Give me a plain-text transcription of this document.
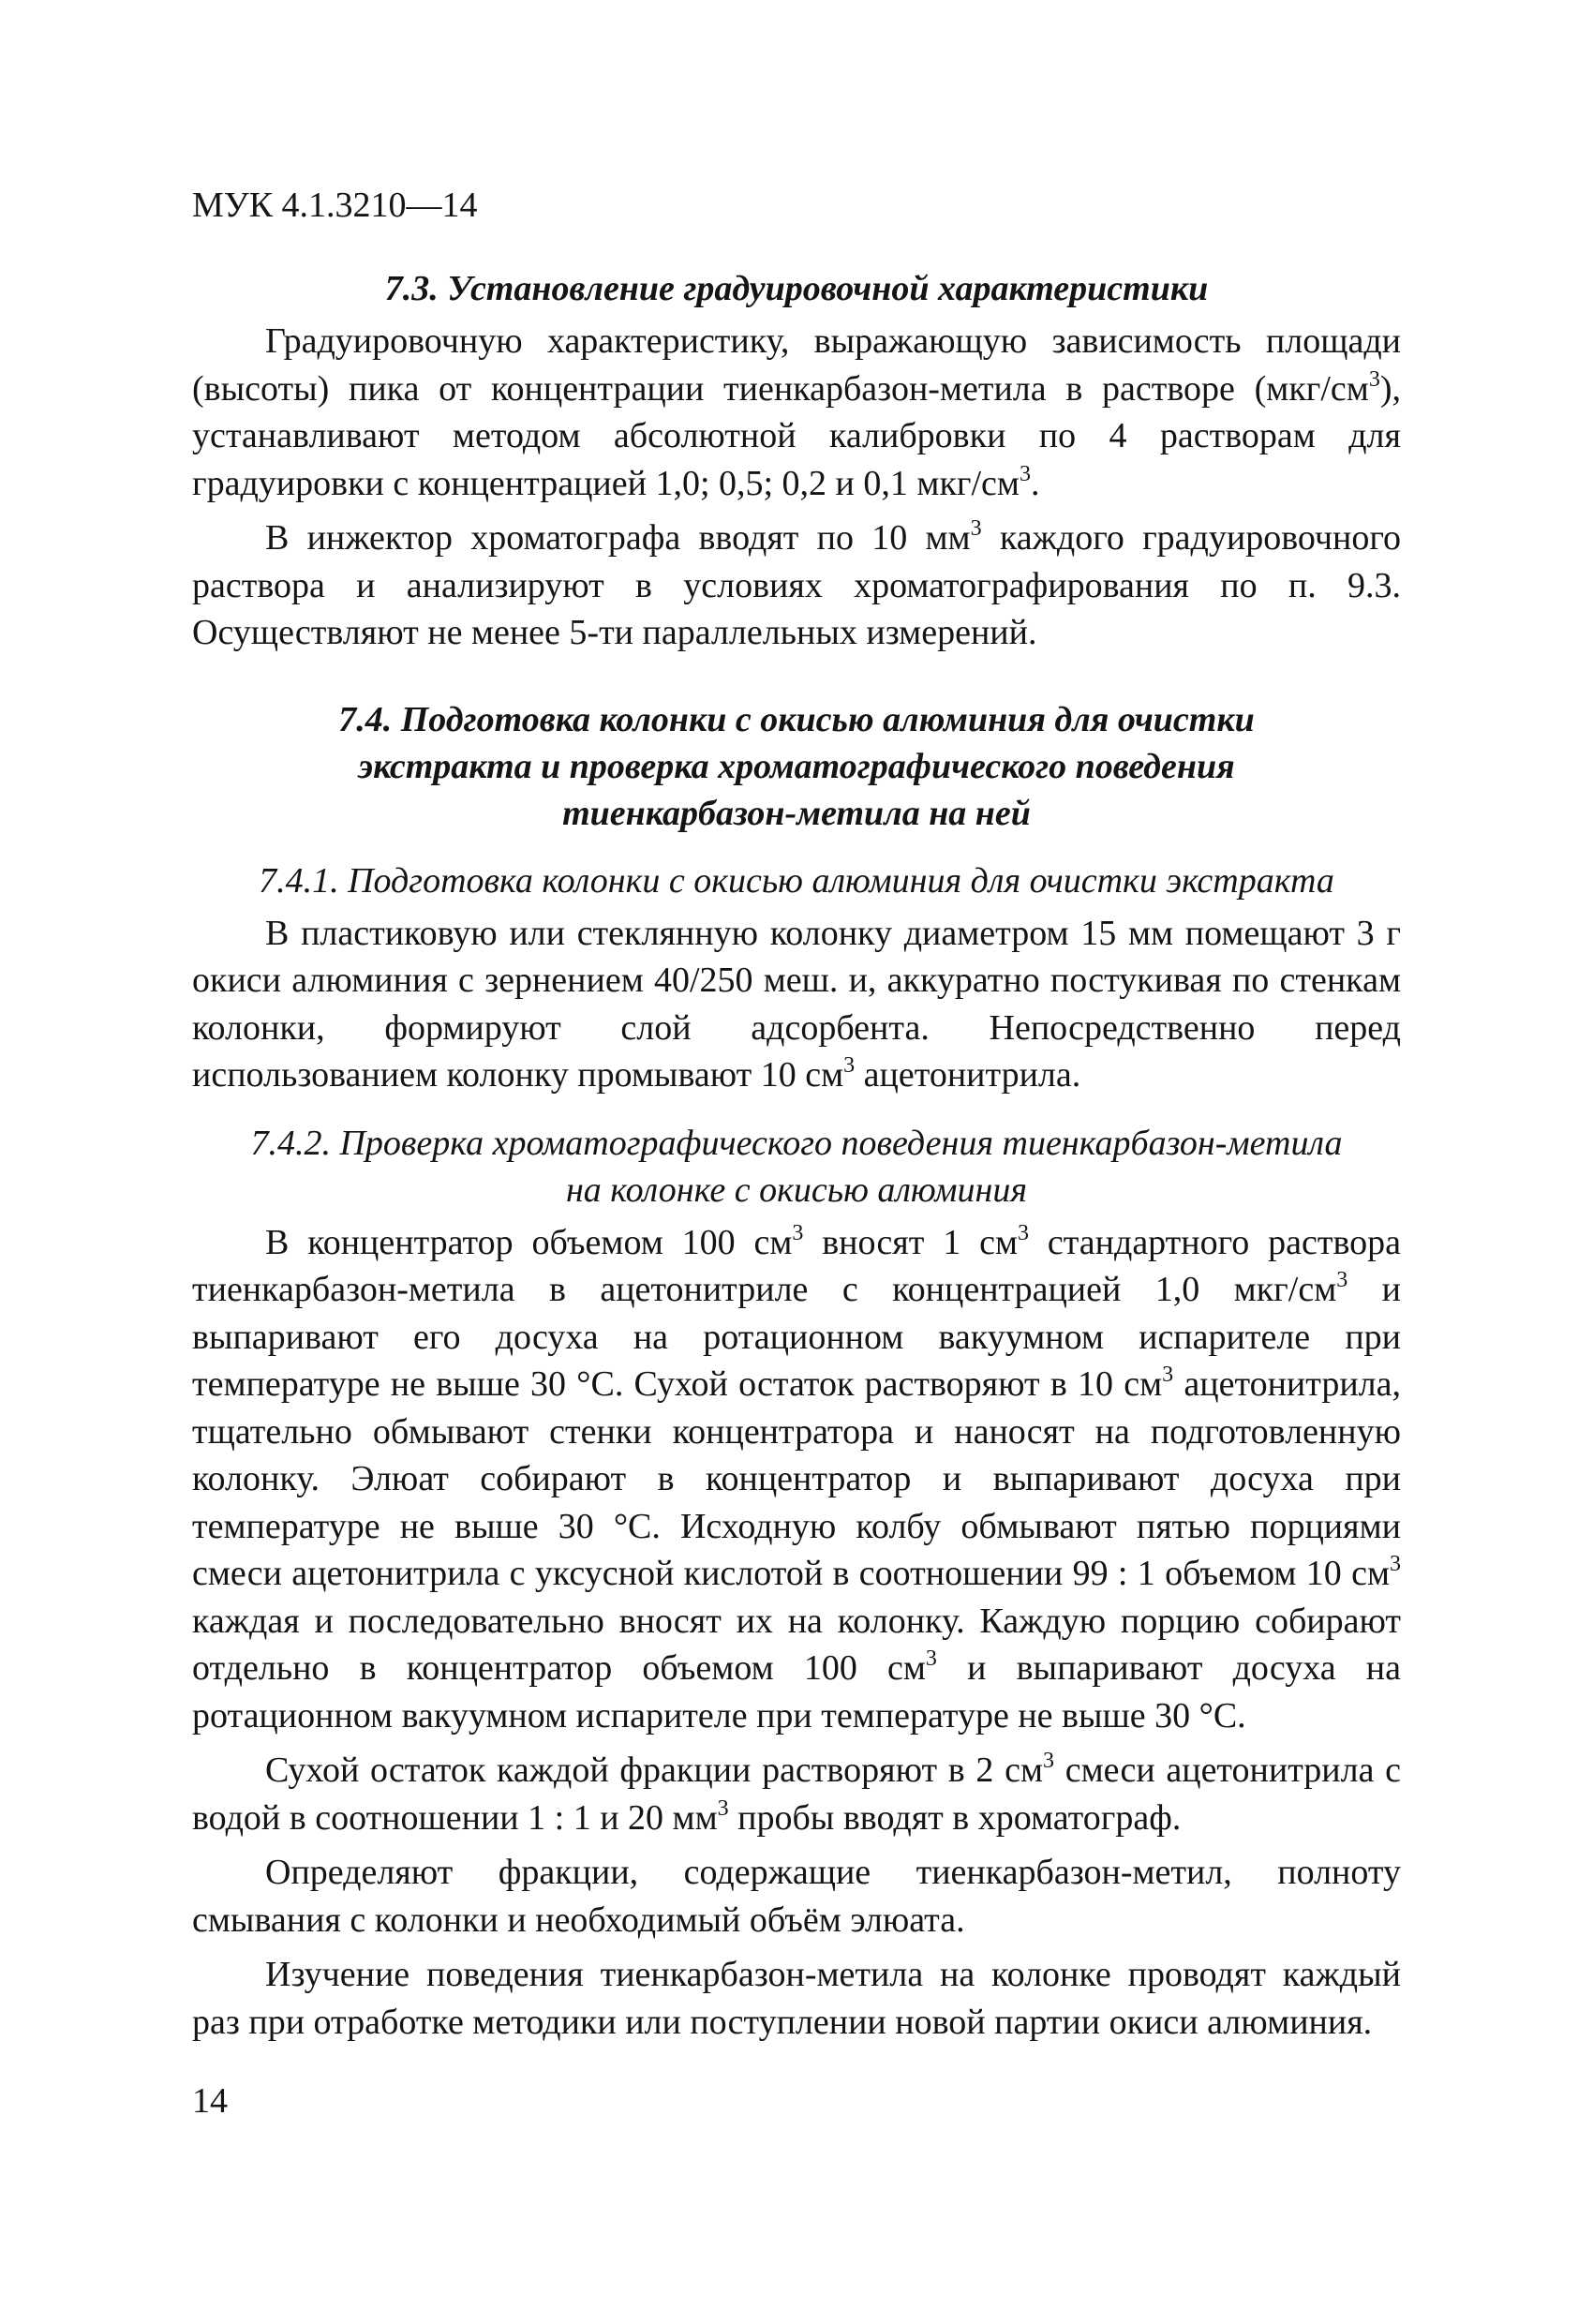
МУК 4.1.3210—14
7.3. Установление градуировочной характеристики

Градуировочную характеристику, выражающую зависимость площади (высоты) пика от концентрации тиенкарбазон-метила в растворе $(мкг/см^3)$, устанавливают методом абсолютной калибровки по 4 растворам для градуировки с концентрацией 1,0; 0,5; 0,2 и 0,1 мкг/$см^3$.

В инжектор хроматографа вводят по 10 $мм^3$ каждого градуировочного раствора и анализируют в условиях хроматографирования по п. 9.3. Осуществляют не менее 5-ти параллельных измерений.

7.4. Подготовка колонки с окисью алюминия для очистки
экстракта и проверка хроматографического поведения
тиенкарбазон-метила на ней
7.4.1. Подготовка колонки с окисью алюминия для очистки экстракта

В пластиковую или стеклянную колонку диаметром 15 мм помещают 3 г окиси алюминия с зернением 40/250 меш. и, аккуратно постукивая по стенкам колонки, формируют слой адсорбента. Непосредственно перед использованием колонку промывают 10 $см^3$ ацетонитрила.

7.4.2. Проверка хроматографического поведения тиенкарбазон-метила
на колонке с окисью алюминия

В концентратор объемом 100 $см^3$ вносят 1 $см^3$ стандартного раствора тиенкарбазон-метила в ацетонитриле с концентрацией 1,0 мкг/$см^3$ и выпаривают его досуха на ротационном вакуумном испарителе при температуре не выше 30 °С. Сухой остаток растворяют в 10 $см^3$ ацетонитрила, тщательно обмывают стенки концентратора и наносят на подготовленную колонку. Элюат собирают в концентратор и выпаривают досуха при температуре не выше 30 °С. Исходную колбу обмывают пятью порциями смеси ацетонитрила с уксусной кислотой в соотношении 99 : 1 объемом 10 $см^3$ каждая и последовательно вносят их на колонку. Каждую порцию собирают отдельно в концентратор объемом 100 $см^3$ и выпаривают досуха на ротационном вакуумном испарителе при температуре не выше 30 °С.

Сухой остаток каждой фракции растворяют в 2 $см^3$ смеси ацетонитрила с водой в соотношении 1 : 1 и 20 $мм^3$ пробы вводят в хроматограф.

Определяют фракции, содержащие тиенкарбазон-метил, полноту смывания с колонки и необходимый объём элюата.

Изучение поведения тиенкарбазон-метила на колонке проводят каждый раз при отработке методики или поступлении новой партии окиси алюминия.

14
